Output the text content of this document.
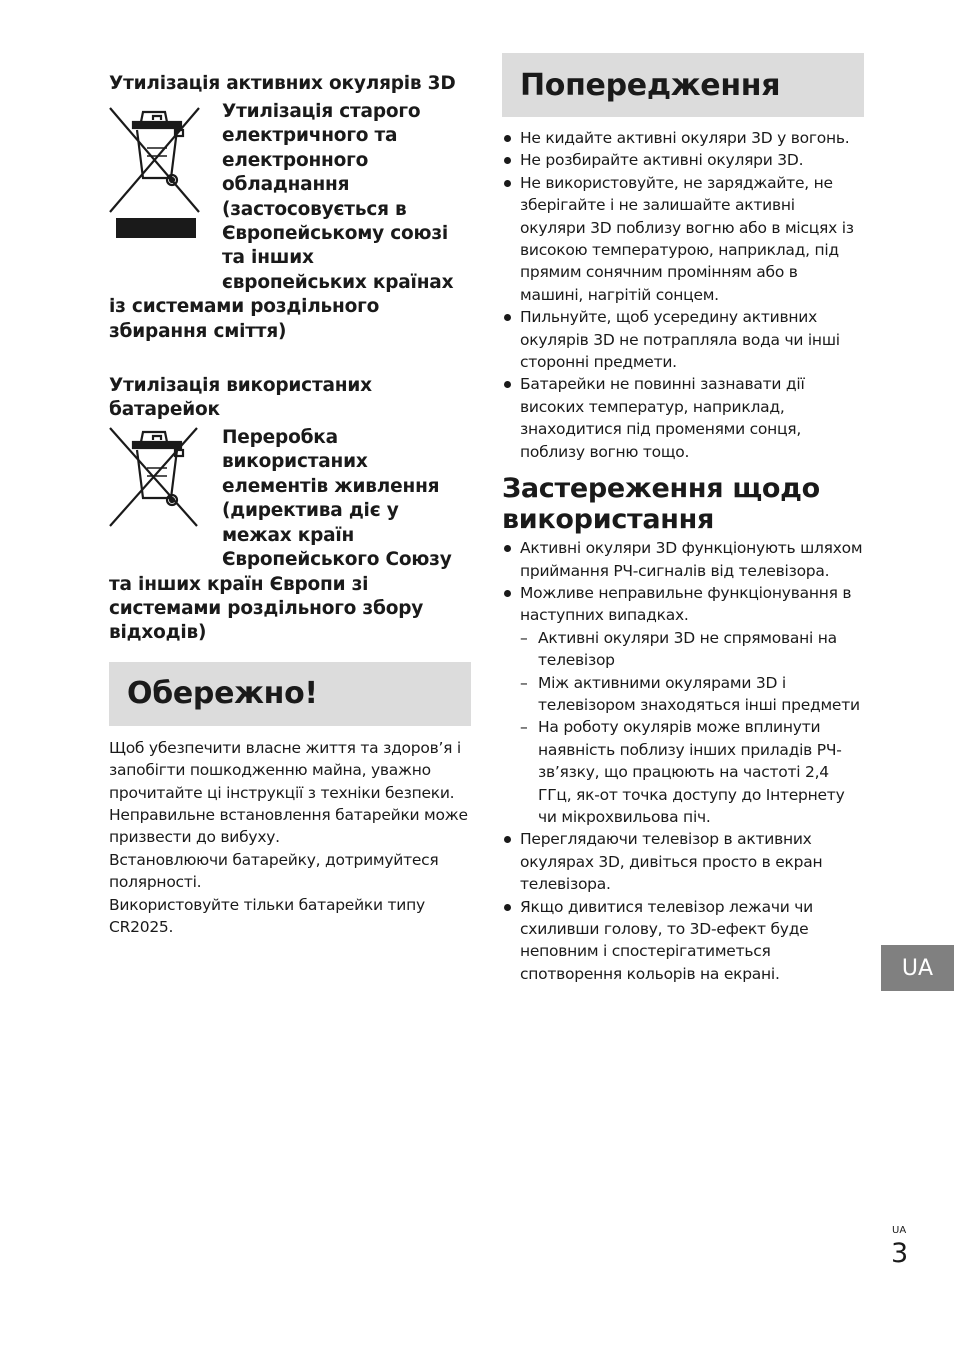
Утилізація активних окулярів 3D
Утилізація старого
електричного та
електронного
обладнання
(застосовується в
Європейському союзі
та інших
європейських країнах
із системами роздільного
збирання сміття)
Утилізація використаних батарейок
Переробка
використаних
елементів живлення
(директива діє у
межах країн
Європейського Союзу
та інших країн Європи зі
системами роздільного збору
відходів)
Обережно!
Щоб убезпечити власне життя та здоров’я і запобігти пошкодженню майна, уважно прочитайте ці інструкції з техніки безпеки.
Неправильне встановлення батарейки може призвести до вибуху.
Встановлюючи батарейку, дотримуйтеся полярності.
Використовуйте тільки батарейки типу CR2025.
Попередження
Не кидайте активні окуляри 3D у вогонь.
Не розбирайте активні окуляри 3D.
Не використовуйте, не заряджайте, не зберігайте і не залишайте активні окуляри 3D поблизу вогню або в місцях із високою температурою, наприклад, під прямим сонячним промінням або в машині, нагрітій сонцем.
Пильнуйте, щоб усередину активних окулярів 3D не потрапляла вода чи інші сторонні предмети.
Батарейки не повинні зазнавати дії високих температур, наприклад, знаходитися під променями сонця, поблизу вогню тощо.
Застереження щодо використання
Активні окуляри 3D функціонують шляхом приймання РЧ-сигналів від телевізора.
Можливе неправильне функціонування в наступних випадках.
– Активні окуляри 3D не спрямовані на телевізор
– Між активними окулярами 3D і телевізором знаходяться інші предмети
– На роботу окулярів може вплинути наявність поблизу інших приладів РЧ-зв’язку, що працюють на частоті 2,4 ГГц, як-от точка доступу до Інтернету чи мікрохвильова піч.
Переглядаючи телевізор в активних окулярах 3D, дивіться просто в екран телевізора.
Якщо дивитися телевізор лежачи чи схиливши голову, то 3D-ефект буде неповним і спостерігатиметься спотворення кольорів на екрані.	UA
UA
3
